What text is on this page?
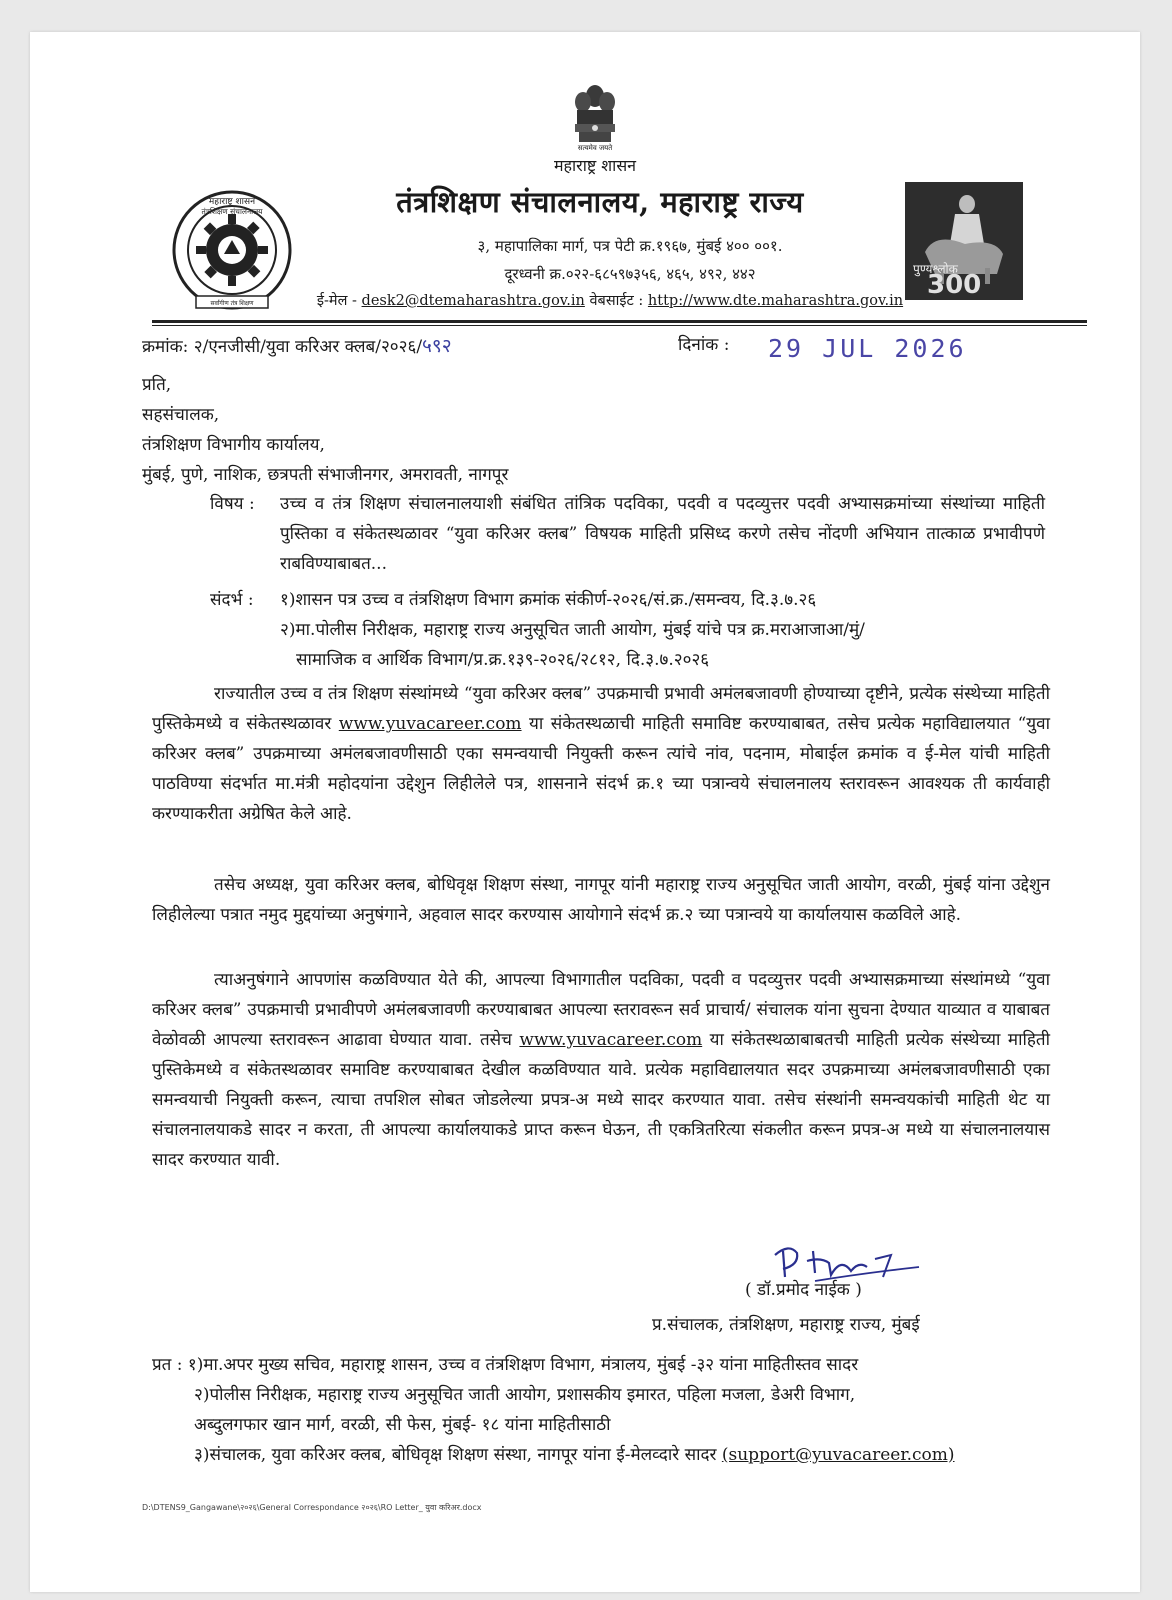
सत्यमेव जयते
महाराष्ट्र शासन
तंत्रशिक्षण संचालनालय, महाराष्ट्र राज्य
३, महापालिका मार्ग, पत्र पेटी क्र.१९६७, मुंबई ४०० ००१.
दूरध्वनी क्र.०२२-६८५९७३५६, ४६५, ४९२, ४४२
ई-मेल - desk2@dtemaharashtra.gov.in वेबसाईट : http://www.dte.maharashtra.gov.in
महाराष्ट्र शासन
तंत्रशिक्षण संचालनालय
सर्वांगीण तंत्र शिक्षण
पुण्यश्लोक
300
क्रमांक: २/एनजीसी/युवा करिअर क्लब/२०२६/५९२	दिनांक : 29 JUL 2026
प्रति,
सहसंचालक,
तंत्रशिक्षण विभागीय कार्यालय,
मुंबई, पुणे, नाशिक, छत्रपती संभाजीनगर, अमरावती, नागपूर
विषय : उच्च व तंत्र शिक्षण संचालनालयाशी संबंधित तांत्रिक पदविका, पदवी व पदव्युत्तर पदवी अभ्यासक्रमांच्या संस्थांच्या माहिती पुस्तिका व संकेतस्थळावर “युवा करिअर क्लब” विषयक माहिती प्रसिध्द करणे तसेच नोंदणी अभियान तात्काळ प्रभावीपणे राबविण्याबाबत...
संदर्भ : १)शासन पत्र उच्च व तंत्रशिक्षण विभाग क्रमांक संकीर्ण-२०२६/सं.क्र./समन्वय, दि.३.७.२६
२)मा.पोलीस निरीक्षक, महाराष्ट्र राज्य अनुसूचित जाती आयोग, मुंबई यांचे पत्र क्र.मराआजाआ/मुं/
सामाजिक व आर्थिक विभाग/प्र.क्र.१३९-२०२६/२८१२, दि.३.७.२०२६
राज्यातील उच्च व तंत्र शिक्षण संस्थांमध्ये “युवा करिअर क्लब” उपक्रमाची प्रभावी अमंलबजावणी होण्याच्या दृष्टीने, प्रत्येक संस्थेच्या माहिती पुस्तिकेमध्ये व संकेतस्थळावर www.yuvacareer.com या संकेतस्थळाची माहिती समाविष्ट करण्याबाबत, तसेच प्रत्येक महाविद्यालयात “युवा करिअर क्लब” उपक्रमाच्या अमंलबजावणीसाठी एका समन्वयाची नियुक्ती करून त्यांचे नांव, पदनाम, मोबाईल क्रमांक व ई-मेल यांची माहिती पाठविण्या संदर्भात मा.मंत्री महोदयांना उद्देशुन लिहीलेले पत्र, शासनाने संदर्भ क्र.१ च्या पत्रान्वये संचालनालय स्तरावरून आवश्यक ती कार्यवाही करण्याकरीता अग्रेषित केले आहे.
तसेच अध्यक्ष, युवा करिअर क्लब, बोधिवृक्ष शिक्षण संस्था, नागपूर यांनी महाराष्ट्र राज्य अनुसूचित जाती आयोग, वरळी, मुंबई यांना उद्देशुन लिहीलेल्या पत्रात नमुद मुद्दयांच्या अनुषंगाने, अहवाल सादर करण्यास आयोगाने संदर्भ क्र.२ च्या पत्रान्वये या कार्यालयास कळविले आहे.
त्याअनुषंगाने आपणांस कळविण्यात येते की, आपल्या विभागातील पदविका, पदवी व पदव्युत्तर पदवी अभ्यासक्रमाच्या संस्थांमध्ये “युवा करिअर क्लब” उपक्रमाची प्रभावीपणे अमंलबजावणी करण्याबाबत आपल्या स्तरावरून सर्व प्राचार्य/ संचालक यांना सुचना देण्यात याव्यात व याबाबत वेळोवळी आपल्या स्तरावरून आढावा घेण्यात यावा. तसेच www.yuvacareer.com या संकेतस्थळाबाबतची माहिती प्रत्येक संस्थेच्या माहिती पुस्तिकेमध्ये व संकेतस्थळावर समाविष्ट करण्याबाबत देखील कळविण्यात यावे. प्रत्येक महाविद्यालयात सदर उपक्रमाच्या अमंलबजावणीसाठी एका समन्वयाची नियुक्ती करून, त्याचा तपशिल सोबत जोडलेल्या प्रपत्र-अ मध्ये सादर करण्यात यावा. तसेच संस्थांनी समन्वयकांची माहिती थेट या संचालनालयाकडे सादर न करता, ती आपल्या कार्यालयाकडे प्राप्त करून घेऊन, ती एकत्रितरित्या संकलीत करून प्रपत्र-अ मध्ये या संचालनालयास सादर करण्यात यावी.
( डॉ.प्रमोद नाईक )
प्र.संचालक, तंत्रशिक्षण, महाराष्ट्र राज्य, मुंबई
प्रत : १)मा.अपर मुख्य सचिव, महाराष्ट्र शासन, उच्च व तंत्रशिक्षण विभाग, मंत्रालय, मुंबई -३२ यांना माहितीस्तव सादर
२)पोलीस निरीक्षक, महाराष्ट्र राज्य अनुसूचित जाती आयोग, प्रशासकीय इमारत, पहिला मजला, डेअरी विभाग,
अब्दुलगफार खान मार्ग, वरळी, सी फेस, मुंबई- १८ यांना माहितीसाठी
३)संचालक, युवा करिअर क्लब, बोधिवृक्ष शिक्षण संस्था, नागपूर यांना ई-मेलव्दारे सादर (support@yuvacareer.com)
D:\DTENS9_Gangawane\२०२६\General Correspondance २०२६\RO Letter_ युवा करिअर.docx
